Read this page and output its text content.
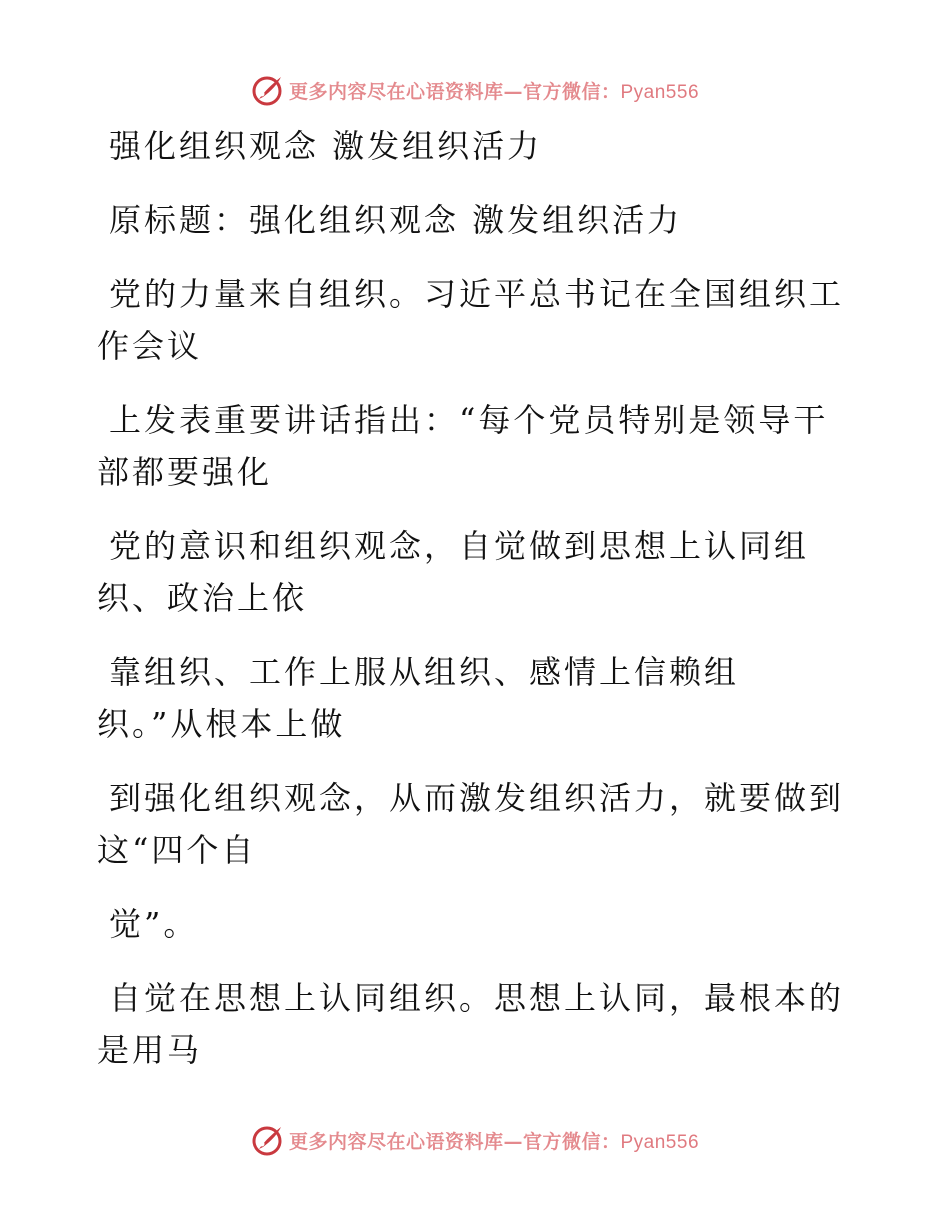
更多内容尽在心语资料库—官方微信：Pyan556
强化组织观念 激发组织活力
原标题：强化组织观念 激发组织活力
党的力量来自组织。习近平总书记在全国组织工
作会议
上发表重要讲话指出：“每个党员特别是领导干
部都要强化
党的意识和组织观念，自觉做到思想上认同组
织、政治上依
靠组织、工作上服从组织、感情上信赖组
织。”从根本上做
到强化组织观念，从而激发组织活力，就要做到
这“四个自
觉”。
自觉在思想上认同组织。思想上认同，最根本的
是用马
更多内容尽在心语资料库—官方微信：Pyan556
